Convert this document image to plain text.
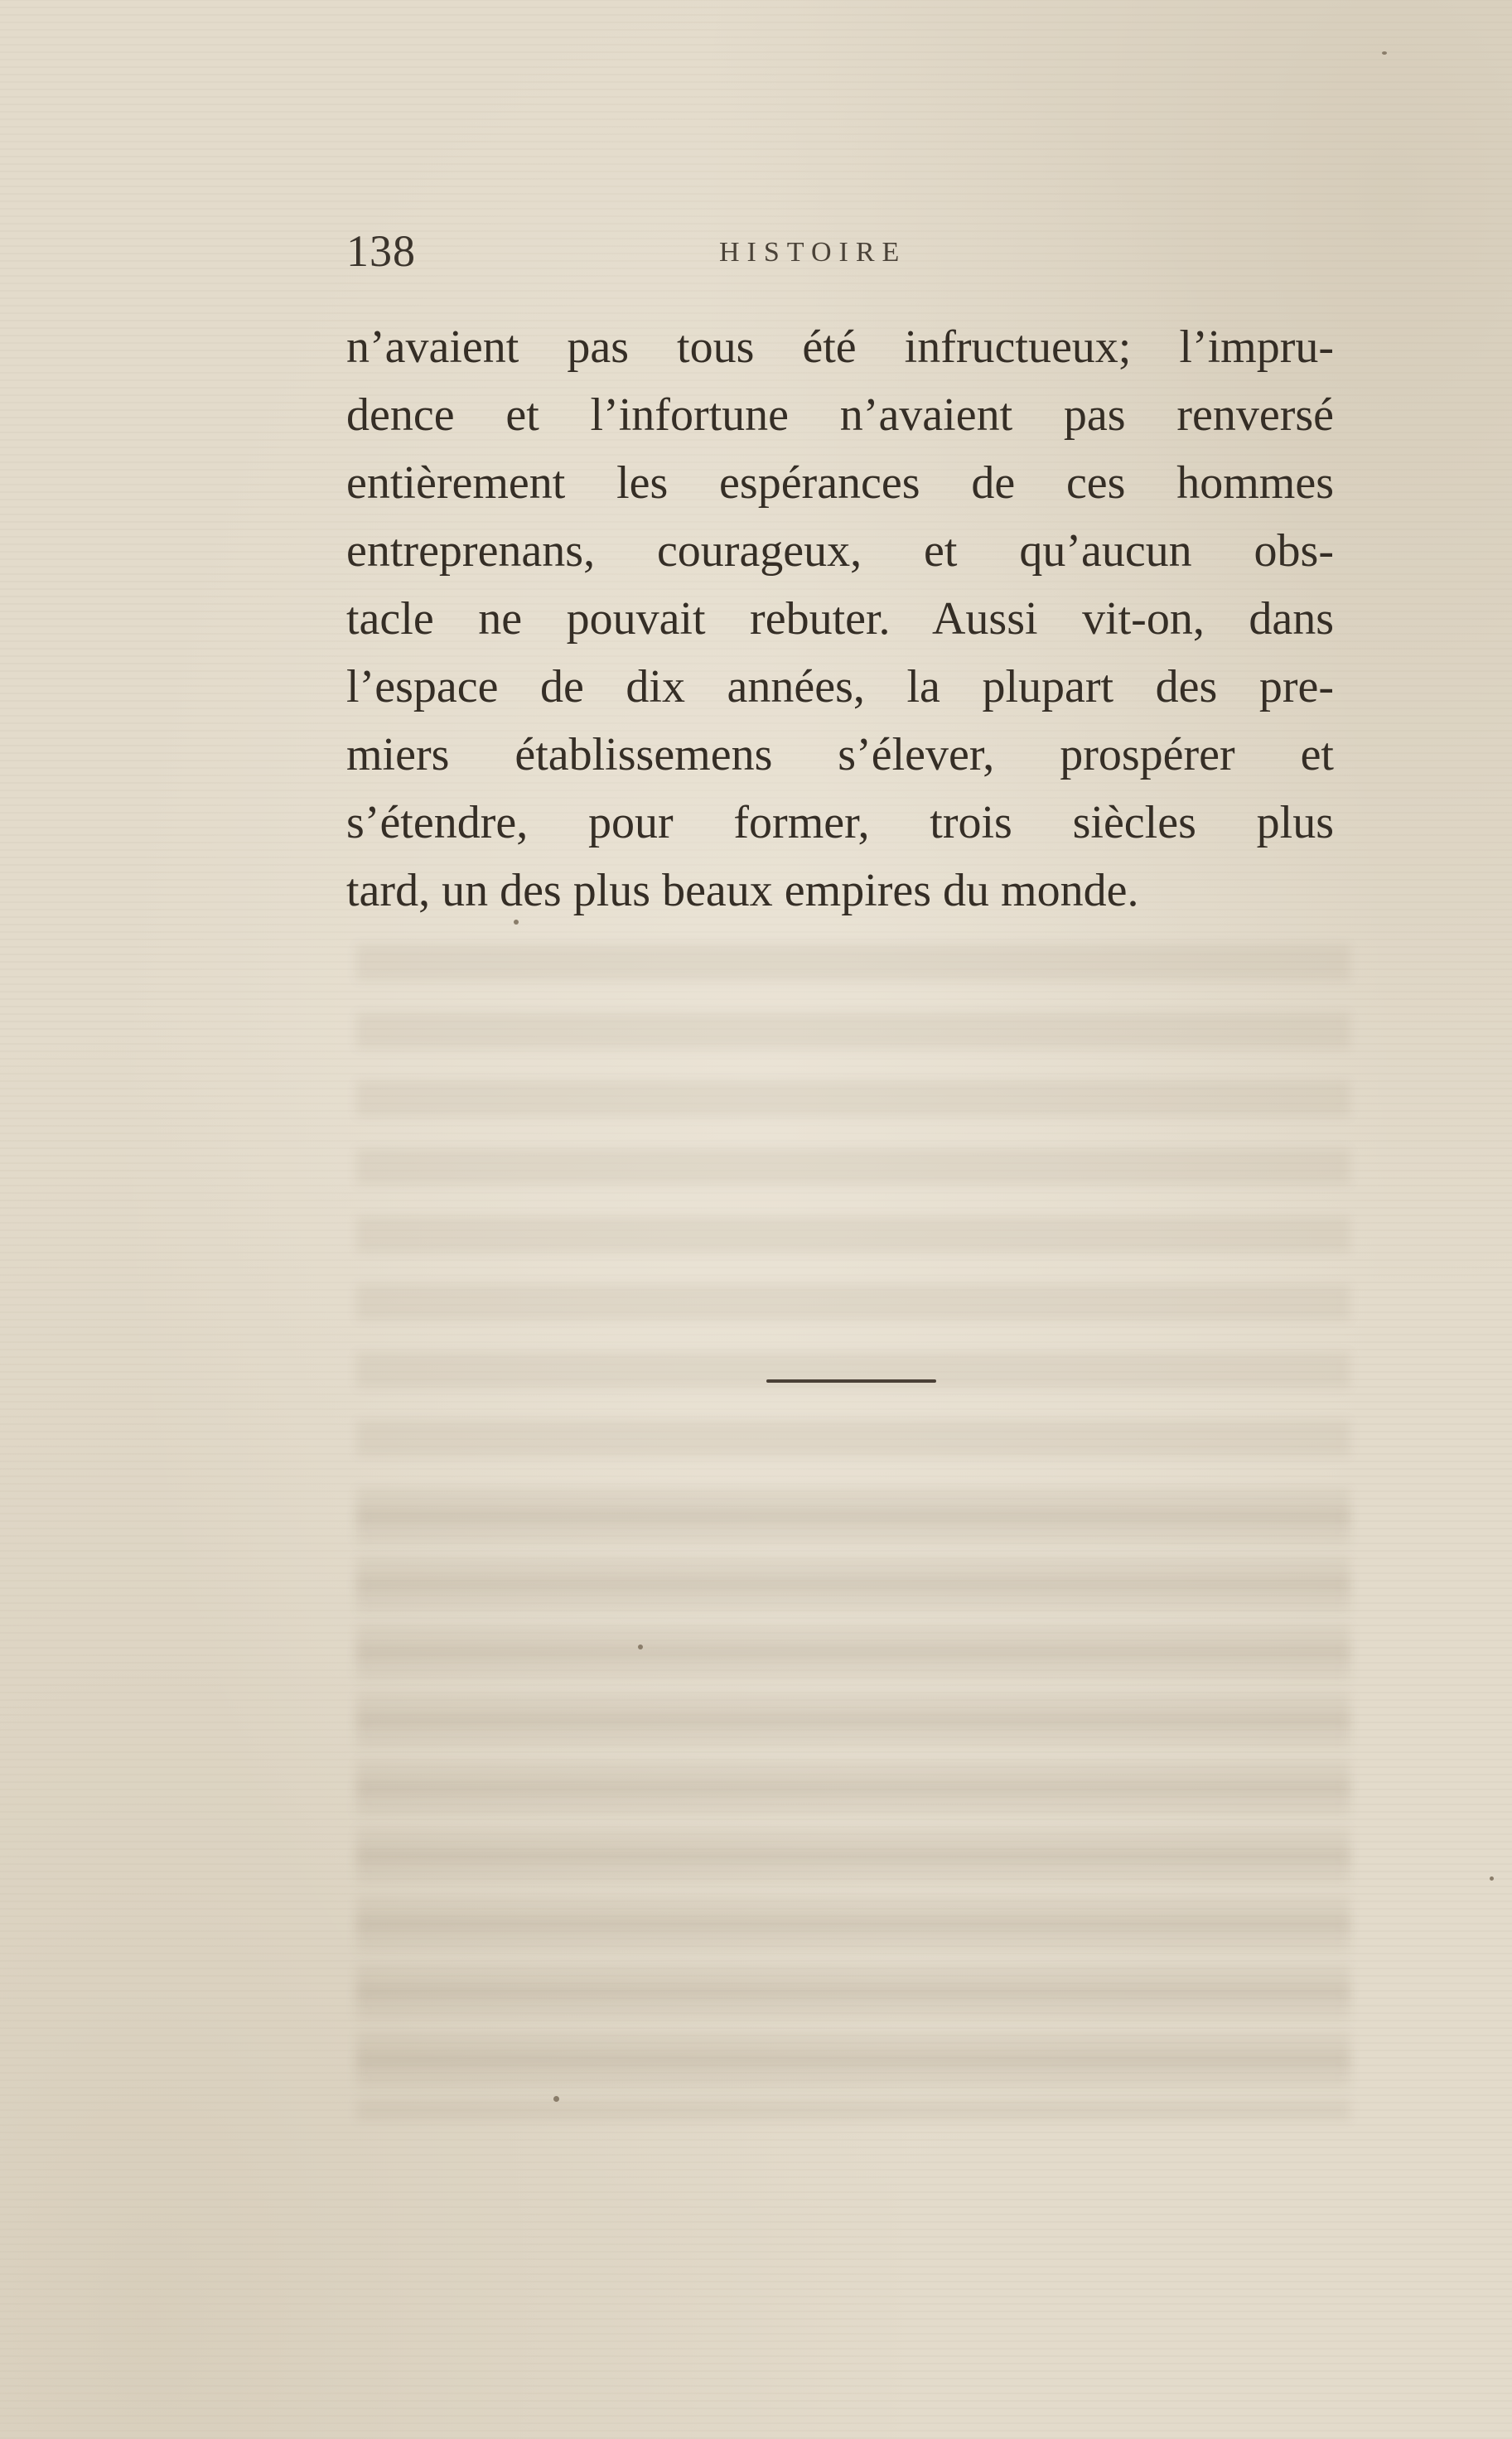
138	HISTOIRE
n’avaient pas tous été infructueux; l’impru-
dence et l’infortune n’avaient pas renversé
entièrement les espérances de ces hommes
entreprenans, courageux, et qu’aucun obs-
tacle ne pouvait rebuter. Aussi vit-on, dans
l’espace de dix années, la plupart des pre-
miers établissemens s’élever, prospérer et
s’étendre, pour former, trois siècles plus
tard, un des plus beaux empires du monde.
